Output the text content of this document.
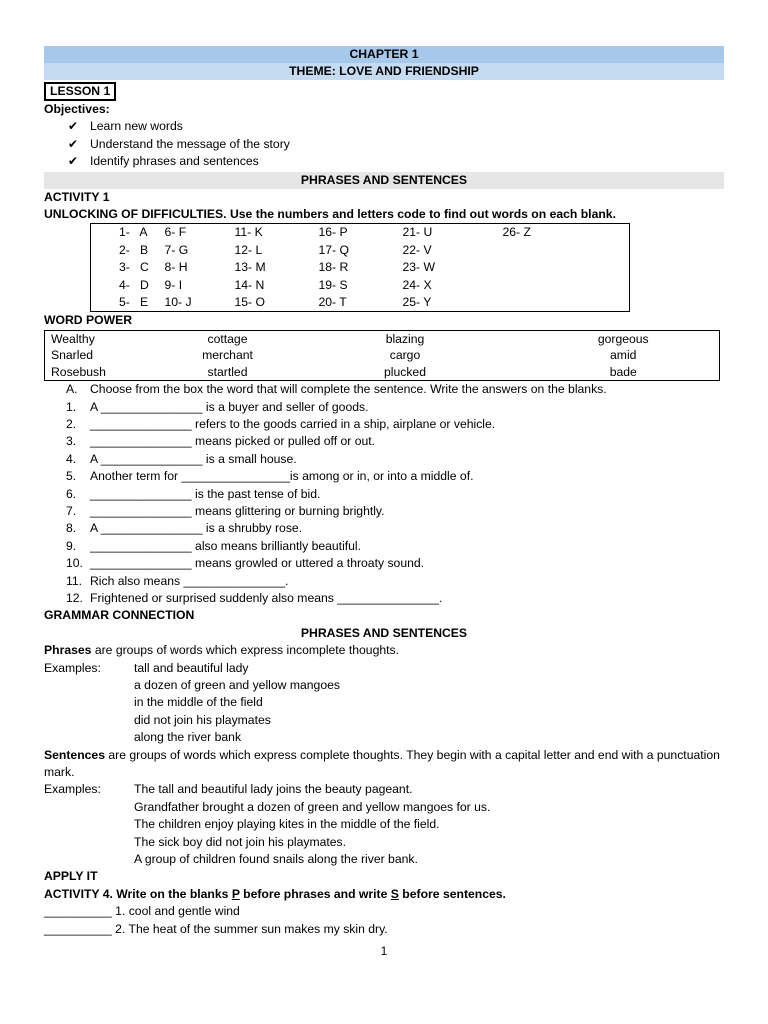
CHAPTER 1
THEME: LOVE AND FRIENDSHIP
LESSON 1
Objectives:
✔ Learn new words
✔ Understand the message of the story
✔ Identify phrases and sentences
PHRASES AND SENTENCES
ACTIVITY 1
UNLOCKING OF DIFFICULTIES. Use the numbers and letters code to find out words on each blank.
1-   A	6- F	11- K	16- P	21- U	26- Z
2-   B	7- G	12- L	17- Q	22- V	
3-   C	8- H	13- M	18- R	23- W	
4-   D	9- I	14- N	19- S	24- X	
5-   E	10- J	15- O	20- T	25- Y	
WORD POWER
Wealthy	cottage	blazing	gorgeous
Snarled	merchant	cargo	amid
Rosebush	startled	plucked	bade
A.	Choose from the box the word that will complete the sentence. Write the answers on the blanks.
1.	A _______________ is a buyer and seller of goods.
2.	_______________ refers to the goods carried in a ship, airplane or vehicle.
3.	_______________ means picked or pulled off or out.
4.	A _______________ is a small house.
5.	Another term for ________________is among or in, or into a middle of.
6.	_______________ is the past tense of bid.
7.	_______________ means glittering or burning brightly.
8.	A _______________ is a shrubby rose.
9.	_______________ also means brilliantly beautiful.
10. _______________ means growled or uttered a throaty sound.
11. Rich also means _______________.
12. Frightened or surprised suddenly also means _______________.
GRAMMAR CONNECTION
PHRASES AND SENTENCES
Phrases are groups of words which express incomplete thoughts.
Examples:	tall and beautiful lady
a dozen of green and yellow mangoes
in the middle of the field
did not join his playmates
along the river bank
Sentences are groups of words which express complete thoughts. They begin with a capital letter and end with a punctuation mark.
Examples:	The tall and beautiful lady joins the beauty pageant.
Grandfather brought a dozen of green and yellow mangoes for us.
The children enjoy playing kites in the middle of the field.
The sick boy did not join his playmates.
A group of children found snails along the river bank.
APPLY IT
ACTIVITY 4. Write on the blanks P before phrases and write S before sentences.
__________ 1. cool and gentle wind
__________ 2. The heat of the summer sun makes my skin dry.
1
